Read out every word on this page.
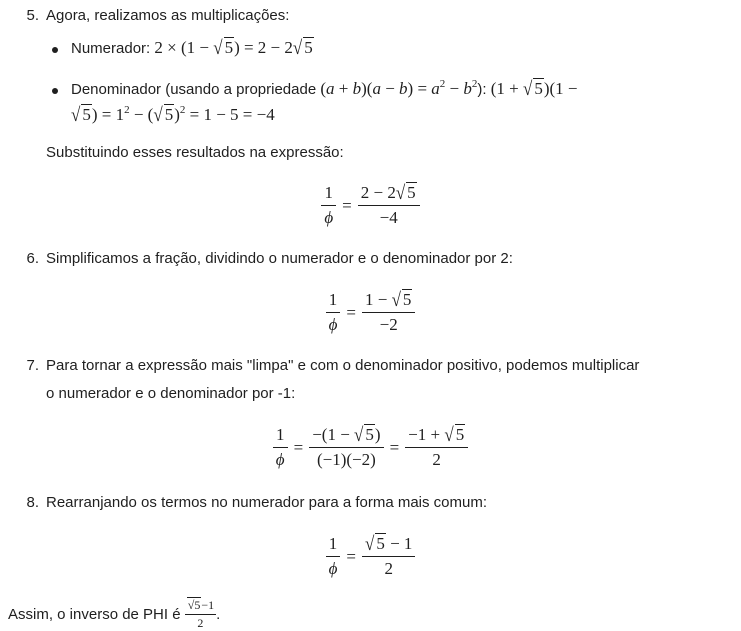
5. Agora, realizamos as multiplicações:
Numerador: 2 × (1 − √ 5) = 2 − 2√ 5
Denominador (usando a propriedade $(a + b)(a - b) = a^2 - b^2$): (1 + √ 5)(1 −
√ $5) = 1^2$ − (√ 5)$^2$ = 1 − 5 = −4
Substituindo esses resultados na expressão:
$\frac{1}{\phi} = \frac{2 - 2√ 5}{-4}$
6. Simplificamos a fração, dividindo o numerador e o denominador por 2:
$\frac{1}{\phi} = \frac{1 - √ 5}{-2}$
7. Para tornar a expressão mais "limpa" e com o denominador positivo, podemos multiplicar
o numerador e o denominador por -1:
$\frac{1}{\phi} = \frac{-(1 - √ 5)}{(-1)(-2)} = \frac{-1 + √ 5}{2}$
8. Rearranjando os termos no numerador para a forma mais comum:
$\frac{1}{\phi} = \frac{√ 5 - 1}{2}$
Assim, o inverso de PHI é $\frac{√5-1}{2}$ .
